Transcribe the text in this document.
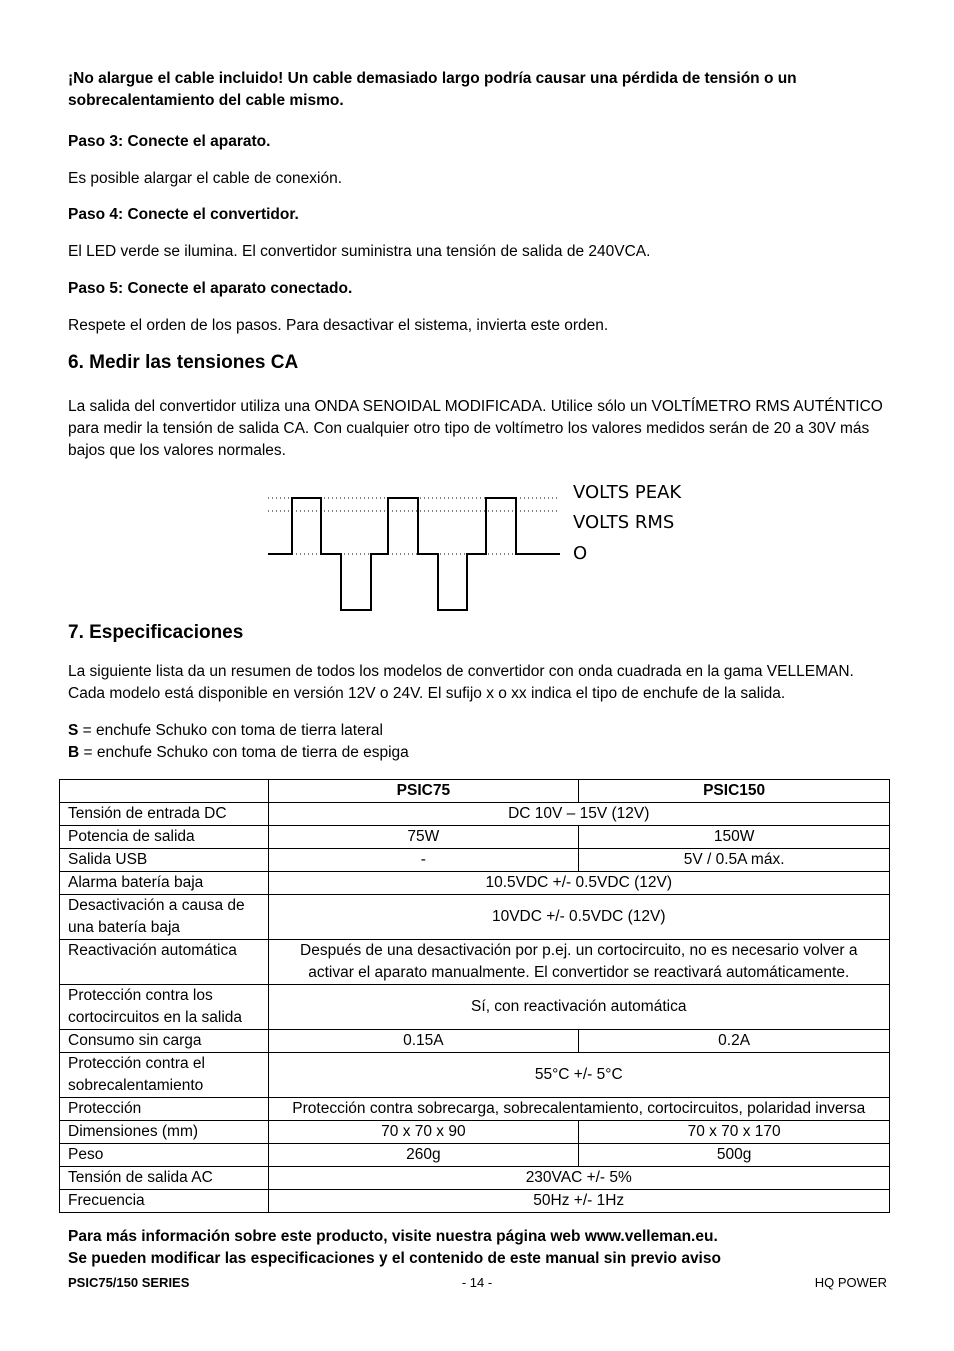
¡No alargue el cable incluido! Un cable demasiado largo podría causar una pérdida de tensión o un sobrecalentamiento del cable mismo.
Paso 3: Conecte el aparato.
Es posible alargar el cable de conexión.
Paso 4: Conecte el convertidor.
El LED verde se ilumina. El convertidor suministra una tensión de salida de 240VCA.
Paso 5: Conecte el aparato conectado.
Respete el orden de los pasos. Para desactivar el sistema, invierta este orden.
6. Medir las tensiones CA
La salida del convertidor utiliza una ONDA SENOIDAL MODIFICADA. Utilice sólo un VOLTÍMETRO RMS AUTÉNTICO para medir la tensión de salida CA. Con cualquier otro tipo de voltímetro los valores medidos serán de 20 a 30V más bajos que los valores normales.
VOLTS PEAK
VOLTS RMS
O
7. Especificaciones
La siguiente lista da un resumen de todos los modelos de convertidor con onda cuadrada en la gama VELLEMAN. Cada modelo está disponible en versión 12V o 24V. El sufijo x o xx indica el tipo de enchufe de la salida.
S = enchufe Schuko con toma de tierra lateral
B = enchufe Schuko con toma de tierra de espiga
	PSIC75	PSIC150
Tensión de entrada DC	DC 10V – 15V (12V)	
Potencia de salida	75W	150W
Salida USB	-	5V / 0.5A máx.
Alarma batería baja	10.5VDC +/- 0.5VDC (12V)	
Desactivación a causa de una batería baja	10VDC +/- 0.5VDC (12V)	
Reactivación automática	Después de una desactivación por p.ej. un cortocircuito, no es necesario volver a activar el aparato manualmente. El convertidor se reactivará automáticamente.	
Protección contra los cortocircuitos en la salida	Sí, con reactivación automática	
Consumo sin carga	0.15A	0.2A
Protección contra el sobrecalentamiento	55°C +/- 5°C	
Protección	Protección contra sobrecarga, sobrecalentamiento, cortocircuitos, polaridad inversa	
Dimensiones (mm)	70 x 70 x 90	70 x 70 x 170
Peso	260g	500g
Tensión de salida AC	230VAC +/- 5%	
Frecuencia	50Hz +/- 1Hz	
Para más información sobre este producto, visite nuestra página web www.velleman.eu.
Se pueden modificar las especificaciones y el contenido de este manual sin previo aviso
PSIC75/150 SERIES	- 14 -	HQ POWER
